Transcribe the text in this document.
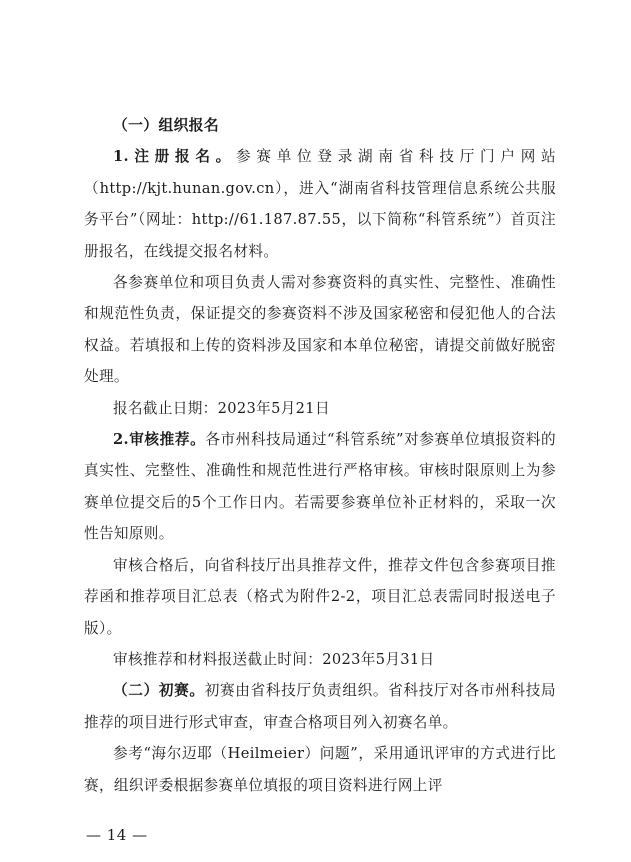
（一）组织报名

1.注册报名。参赛单位登录湖南省科技厅门户网站（http://kjt.hunan.gov.cn），进入“湖南省科技管理信息系统公共服务平台”（网址：http://61.187.87.55，以下简称“科管系统”）首页注册报名，在线提交报名材料。

各参赛单位和项目负责人需对参赛资料的真实性、完整性、准确性和规范性负责，保证提交的参赛资料不涉及国家秘密和侵犯他人的合法权益。若填报和上传的资料涉及国家和本单位秘密，请提交前做好脱密处理。

报名截止日期：2023年5月21日

2.审核推荐。各市州科技局通过“科管系统”对参赛单位填报资料的真实性、完整性、准确性和规范性进行严格审核。审核时限原则上为参赛单位提交后的5个工作日内。若需要参赛单位补正材料的，采取一次性告知原则。

审核合格后，向省科技厅出具推荐文件，推荐文件包含参赛项目推荐函和推荐项目汇总表（格式为附件2-2，项目汇总表需同时报送电子版）。

审核推荐和材料报送截止时间：2023年5月31日

（二）初赛。初赛由省科技厅负责组织。省科技厅对各市州科技局推荐的项目进行形式审查，审查合格项目列入初赛名单。

参考“海尔迈耶（Heilmeier）问题”，采用通讯评审的方式进行比赛，组织评委根据参赛单位填报的项目资料进行网上评

— 14 —
